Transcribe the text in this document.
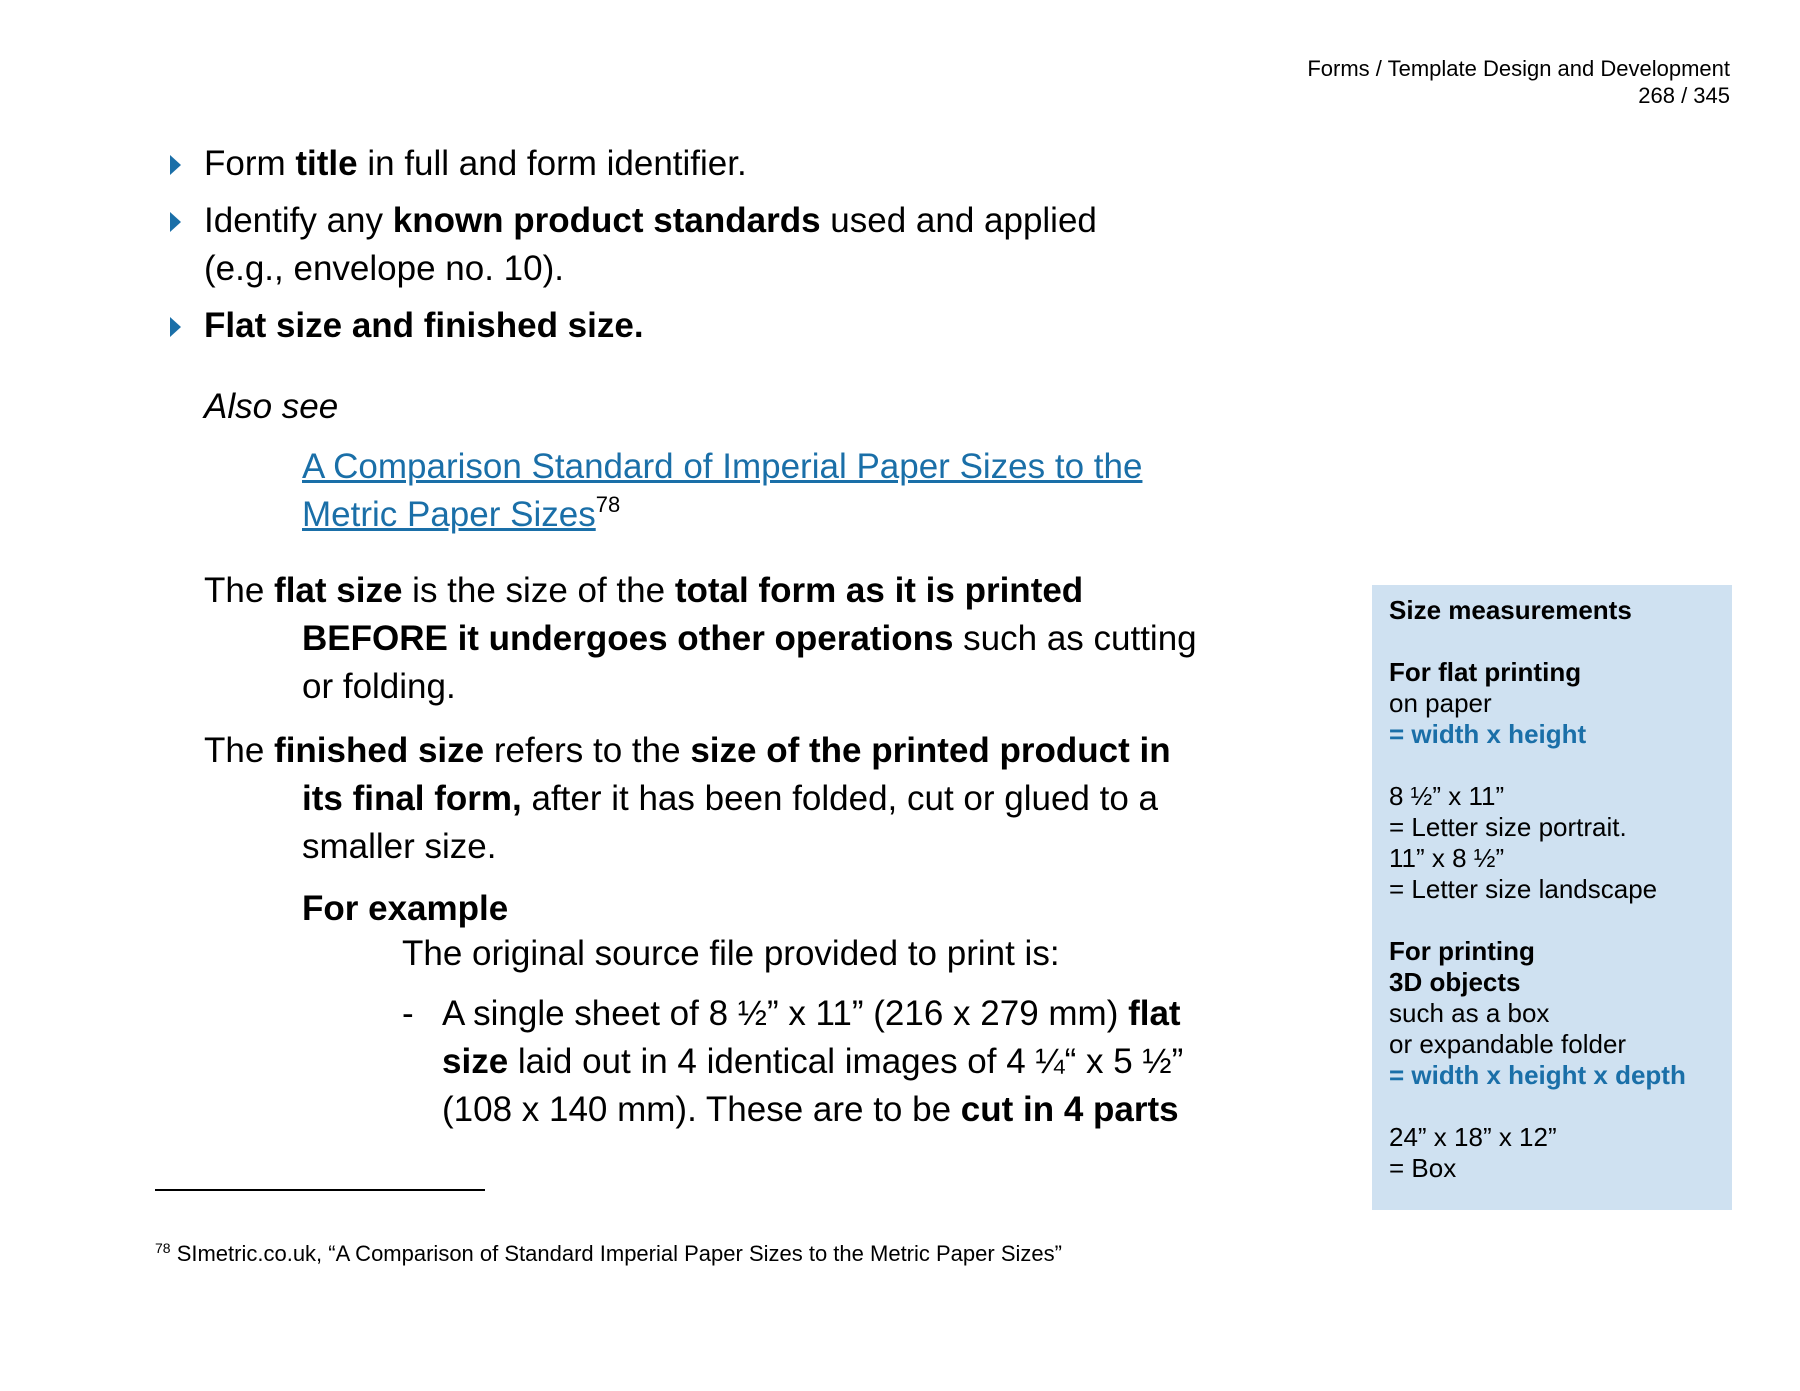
Forms / Template Design and Development
268 / 345
Form title in full and form identifier.
Identify any known product standards used and applied
(e.g., envelope no. 10).
Flat size and finished size.
Also see
A Comparison Standard of Imperial Paper Sizes to the
Metric Paper Sizes$^{78}$
The flat size is the size of the total form as it is printed
BEFORE it undergoes other operations such as cutting
or folding.
The finished size refers to the size of the printed product in
its final form, after it has been folded, cut or glued to a
smaller size.
For example
The original source file provided to print is:
- A single sheet of 8 ½” x 11” (216 x 279 mm) flat
size laid out in 4 identical images of 4 ¼“ x 5 ½”
(108 x 140 mm). These are to be cut in 4 parts
$^{78}$ SImetric.co.uk, “A Comparison of Standard Imperial Paper Sizes to the Metric Paper Sizes”
Size measurements
For flat printing
on paper
= width x height
8 ½” x 11”
= Letter size portrait.
11” x 8 ½”
= Letter size landscape
For printing
3D objects
such as a box
or expandable folder
= width x height x depth
24” x 18” x 12”
= Box
